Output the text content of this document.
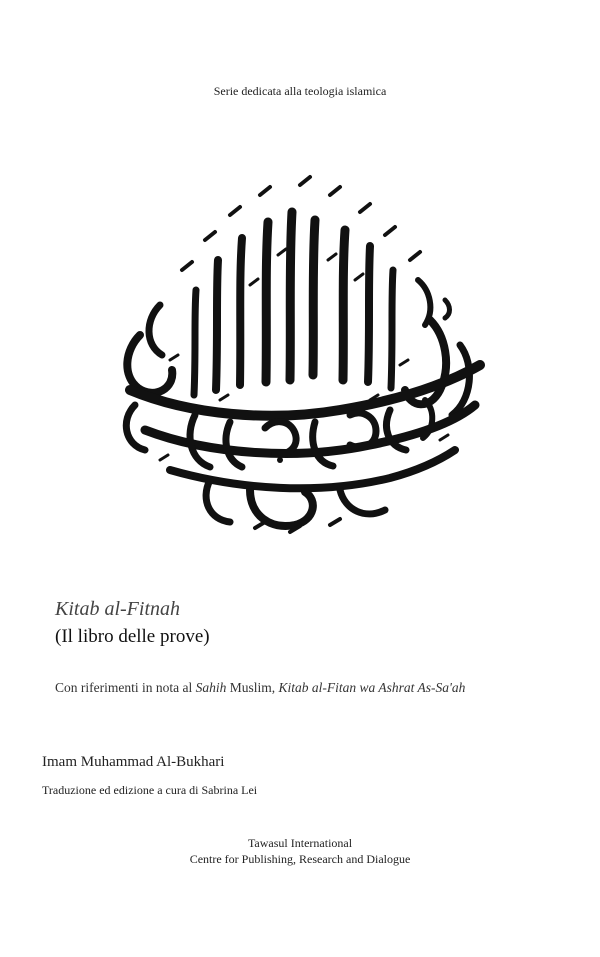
Serie dedicata alla teologia islamica
Kitab al-Fitnah
(Il libro delle prove)
Con riferimenti in nota al Sahih Muslim, Kitab al-Fitan wa Ashrat As-Sa'ah
Imam Muhammad Al-Bukhari
Traduzione ed edizione a cura di Sabrina Lei
Tawasul International
Centre for Publishing, Research and Dialogue
